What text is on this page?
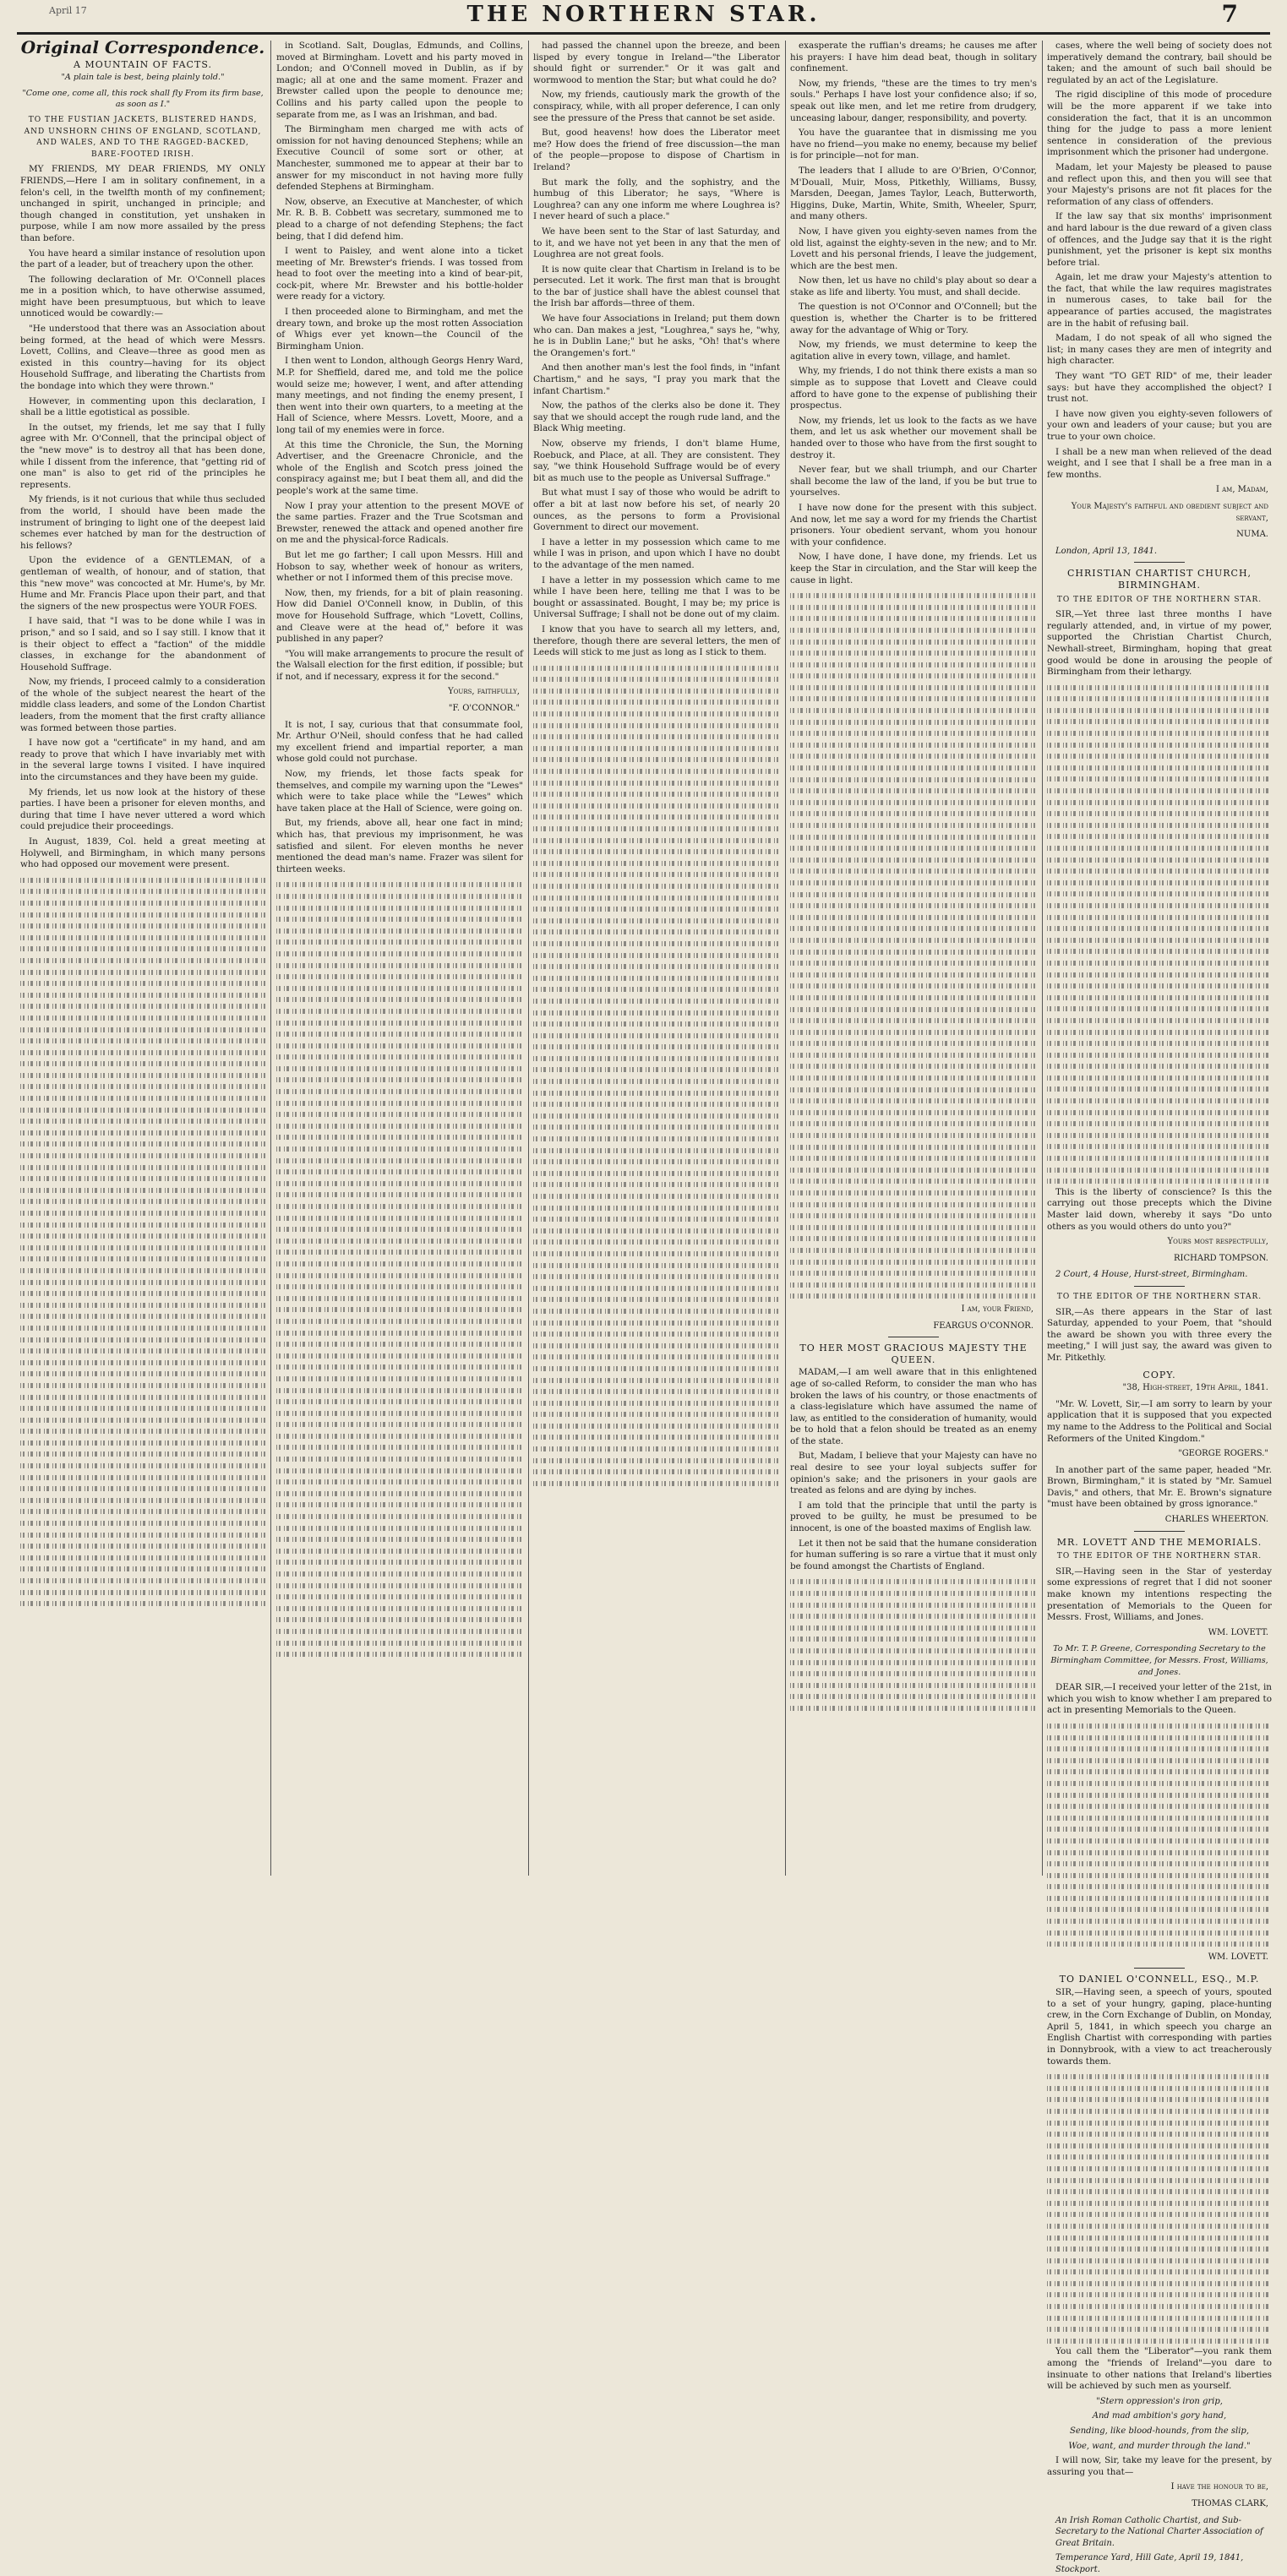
April 17	THE NORTHERN STAR.	7
Original Correspondence.
A MOUNTAIN OF FACTS.
"A plain tale is best, being plainly told."
"Come one, come all, this rock shall fly From its firm base, as soon as I."
TO THE FUSTIAN JACKETS, BLISTERED HANDS, AND UNSHORN CHINS OF ENGLAND, SCOTLAND, AND WALES, AND TO THE RAGGED-BACKED, BARE-FOOTED IRISH.

MY FRIENDS, MY DEAR FRIENDS, MY ONLY FRIENDS,—Here I am in solitary confinement, in a felon's cell, in the twelfth month of my confinement; unchanged in spirit, unchanged in principle; and though changed in constitution, yet unshaken in purpose, while I am now more assailed by the press than before.

You have heard a similar instance of resolution upon the part of a leader, but of treachery upon the other.

The following declaration of Mr. O'Connell places me in a position which, to have otherwise assumed, might have been presumptuous, but which to leave unnoticed would be cowardly:—

"He understood that there was an Association about being formed, at the head of which were Messrs. Lovett, Collins, and Cleave—three as good men as existed in this country—having for its object Household Suffrage, and liberating the Chartists from the bondage into which they were thrown."

However, in commenting upon this declaration, I shall be a little egotistical as possible.

In the outset, my friends, let me say that I fully agree with Mr. O'Connell, that the principal object of the "new move" is to destroy all that has been done, while I dissent from the inference, that "getting rid of one man" is also to get rid of the principles he represents.

My friends, is it not curious that while thus secluded from the world, I should have been made the instrument of bringing to light one of the deepest laid schemes ever hatched by man for the destruction of his fellows?

Upon the evidence of a GENTLEMAN, of a gentleman of wealth, of honour, and of station, that this "new move" was concocted at Mr. Hume's, by Mr. Hume and Mr. Francis Place upon their part, and that the signers of the new prospectus were YOUR FOES.

I have said, that "I was to be done while I was in prison," and so I said, and so I say still. I know that it is their object to effect a "faction" of the middle classes, in exchange for the abandonment of Household Suffrage.

Now, my friends, I proceed calmly to a consideration of the whole of the subject nearest the heart of the middle class leaders, and some of the London Chartist leaders, from the moment that the first crafty alliance was formed between those parties.

I have now got a "certificate" in my hand, and am ready to prove that which I have invariably met with in the several large towns I visited. I have inquired into the circumstances and they have been my guide.

My friends, let us now look at the history of these parties. I have been a prisoner for eleven months, and during that time I have never uttered a word which could prejudice their proceedings.

In August, 1839, Col. held a great meeting at Holywell, and Birmingham, in which many persons who had opposed our movement were present.

in Scotland. Salt, Douglas, Edmunds, and Collins, moved at Birmingham. Lovett and his party moved in London; and O'Connell moved in Dublin, as if by magic; all at one and the same moment. Frazer and Brewster called upon the people to denounce me; Collins and his party called upon the people to separate from me, as I was an Irishman, and bad.

The Birmingham men charged me with acts of omission for not having denounced Stephens; while an Executive Council of some sort or other, at Manchester, summoned me to appear at their bar to answer for my misconduct in not having more fully defended Stephens at Birmingham.

Now, observe, an Executive at Manchester, of which Mr. R. B. B. Cobbett was secretary, summoned me to plead to a charge of not defending Stephens; the fact being, that I did defend him.

I went to Paisley, and went alone into a ticket meeting of Mr. Brewster's friends. I was tossed from head to foot over the meeting into a kind of bear-pit, cock-pit, where Mr. Brewster and his bottle-holder were ready for a victory.

I then proceeded alone to Birmingham, and met the dreary town, and broke up the most rotten Association of Whigs ever yet known—the Council of the Birmingham Union.

I then went to London, although Georgs Henry Ward, M.P. for Sheffield, dared me, and told me the police would seize me; however, I went, and after attending many meetings, and not finding the enemy present, I then went into their own quarters, to a meeting at the Hall of Science, where Messrs. Lovett, Moore, and a long tail of my enemies were in force.

At this time the Chronicle, the Sun, the Morning Advertiser, and the Greenacre Chronicle, and the whole of the English and Scotch press joined the conspiracy against me; but I beat them all, and did the people's work at the same time.

Now I pray your attention to the present MOVE of the same parties. Frazer and the True Scotsman and Brewster, renewed the attack and opened another fire on me and the physical-force Radicals.

But let me go farther; I call upon Messrs. Hill and Hobson to say, whether week of honour as writers, whether or not I informed them of this precise move.

Now, then, my friends, for a bit of plain reasoning. How did Daniel O'Connell know, in Dublin, of this move for Household Suffrage, which "Lovett, Collins, and Cleave were at the head of," before it was published in any paper?

"You will make arrangements to procure the result of the Walsall election for the first edition, if possible; but if not, and if necessary, express it for the second."

Yours, faithfully,
"F. O'CONNOR."

It is not, I say, curious that that consummate fool, Mr. Arthur O'Neil, should confess that he had called my excellent friend and impartial reporter, a man whose gold could not purchase.

Now, my friends, let those facts speak for themselves, and compile my warning upon the "Lewes" which were to take place while the "Lewes" which have taken place at the Hall of Science, were going on.

But, my friends, above all, hear one fact in mind; which has, that previous my imprisonment, he was satisfied and silent. For eleven months he never mentioned the dead man's name. Frazer was silent for thirteen weeks.

had passed the channel upon the breeze, and been lisped by every tongue in Ireland—"the Liberator should fight or surrender." Or it was galt and wormwood to mention the Star; but what could he do?

Now, my friends, cautiously mark the growth of the conspiracy, while, with all proper deference, I can only see the pressure of the Press that cannot be set aside.

But, good heavens! how does the Liberator meet me? How does the friend of free discussion—the man of the people—propose to dispose of Chartism in Ireland?

But mark the folly, and the sophistry, and the humbug of this Liberator; he says, "Where is Loughrea? can any one inform me where Loughrea is? I never heard of such a place."

We have been sent to the Star of last Saturday, and to it, and we have not yet been in any that the men of Loughrea are not great fools.

It is now quite clear that Chartism in Ireland is to be persecuted. Let it work. The first man that is brought to the bar of justice shall have the ablest counsel that the Irish bar affords—three of them.

We have four Associations in Ireland; put them down who can. Dan makes a jest, "Loughrea," says he, "why, he is in Dublin Lane;" but he asks, "Oh! that's where the Orangemen's fort."

And then another man's lest the fool finds, in "infant Chartism," and he says, "I pray you mark that the infant Chartism."

Now, the pathos of the clerks also be done it. They say that we should accept the rough rude land, and the Black Whig meeting.

Now, observe my friends, I don't blame Hume, Roebuck, and Place, at all. They are consistent. They say, "we think Household Suffrage would be of every bit as much use to the people as Universal Suffrage."

But what must I say of those who would be adrift to offer a bit at last now before his set, of nearly 20 ounces, as the persons to form a Provisional Government to direct our movement.

I have a letter in my possession which came to me while I was in prison, and upon which I have no doubt to the advantage of the men named.

I have a letter in my possession which came to me while I have been here, telling me that I was to be bought or assassinated. Bought, I may be; my price is Universal Suffrage; I shall not be done out of my claim.

I know that you have to search all my letters, and, therefore, though there are several letters, the men of Leeds will stick to me just as long as I stick to them.

exasperate the ruffian's dreams; he causes me after his prayers: I have him dead beat, though in solitary confinement.

Now, my friends, "these are the times to try men's souls." Perhaps I have lost your confidence also; if so, speak out like men, and let me retire from drudgery, unceasing labour, danger, responsibility, and poverty.

You have the guarantee that in dismissing me you have no friend—you make no enemy, because my belief is for principle—not for man.

The leaders that I allude to are O'Brien, O'Connor, M'Douall, Muir, Moss, Pitkethly, Williams, Bussy, Marsden, Deegan, James Taylor, Leach, Butterworth, Higgins, Duke, Martin, White, Smith, Wheeler, Spurr, and many others.

Now, I have given you eighty-seven names from the old list, against the eighty-seven in the new; and to Mr. Lovett and his personal friends, I leave the judgement, which are the best men.

Now then, let us have no child's play about so dear a stake as life and liberty. You must, and shall decide.

The question is not O'Connor and O'Connell; but the question is, whether the Charter is to be frittered away for the advantage of Whig or Tory.

Now, my friends, we must determine to keep the agitation alive in every town, village, and hamlet.

Why, my friends, I do not think there exists a man so simple as to suppose that Lovett and Cleave could afford to have gone to the expense of publishing their prospectus.

Now, my friends, let us look to the facts as we have them, and let us ask whether our movement shall be handed over to those who have from the first sought to destroy it.

Never fear, but we shall triumph, and our Charter shall become the law of the land, if you be but true to yourselves.

I have now done for the present with this subject. And now, let me say a word for my friends the Chartist prisoners. Your obedient servant, whom you honour with your confidence.

Now, I have done, I have done, my friends. Let us keep the Star in circulation, and the Star will keep the cause in light.

I am, your Friend,
FEARGUS O'CONNOR.
TO HER MOST GRACIOUS MAJESTY THE QUEEN.

MADAM,—I am well aware that in this enlightened age of so-called Reform, to consider the man who has broken the laws of his country, or those enactments of a class-legislature which have assumed the name of law, as entitled to the consideration of humanity, would be to hold that a felon should be treated as an enemy of the state.

But, Madam, I believe that your Majesty can have no real desire to see your loyal subjects suffer for opinion's sake; and the prisoners in your gaols are treated as felons and are dying by inches.

I am told that the principle that until the party is proved to be guilty, he must be presumed to be innocent, is one of the boasted maxims of English law.

Let it then not be said that the humane consideration for human suffering is so rare a virtue that it must only be found amongst the Chartists of England.

cases, where the well being of society does not imperatively demand the contrary, bail should be taken; and the amount of such bail should be regulated by an act of the Legislature.

The rigid discipline of this mode of procedure will be the more apparent if we take into consideration the fact, that it is an uncommon thing for the judge to pass a more lenient sentence in consideration of the previous imprisonment which the prisoner had undergone.

Madam, let your Majesty be pleased to pause and reflect upon this, and then you will see that your Majesty's prisons are not fit places for the reformation of any class of offenders.

If the law say that six months' imprisonment and hard labour is the due reward of a given class of offences, and the Judge say that it is the right punishment, yet the prisoner is kept six months before trial.

Again, let me draw your Majesty's attention to the fact, that while the law requires magistrates in numerous cases, to take bail for the appearance of parties accused, the magistrates are in the habit of refusing bail.

Madam, I do not speak of all who signed the list; in many cases they are men of integrity and high character.

They want "TO GET RID" of me, their leader says: but have they accomplished the object? I trust not.

I have now given you eighty-seven followers of your own and leaders of your cause; but you are true to your own choice.

I shall be a new man when relieved of the dead weight, and I see that I shall be a free man in a few months.

I am, Madam,
Your Majesty's faithful and obedient subject and servant,
NUMA.
London, April 13, 1841.
CHRISTIAN CHARTIST CHURCH, BIRMINGHAM.
TO THE EDITOR OF THE NORTHERN STAR.

SIR,—Yet three last three months I have regularly attended, and, in virtue of my power, supported the Christian Chartist Church, Newhall-street, Birmingham, hoping that great good would be done in arousing the people of Birmingham from their lethargy.

This is the liberty of conscience? Is this the carrying out those precepts which the Divine Master laid down, whereby it says "Do unto others as you would others do unto you?"

Yours most respectfully,
RICHARD TOMPSON.
2 Court, 4 House, Hurst-street, Birmingham.
TO THE EDITOR OF THE NORTHERN STAR.

SIR,—As there appears in the Star of last Saturday, appended to your Poem, that "should the award be shown you with three every the meeting," I will just say, the award was given to Mr. Pitkethly.

COPY.
"38, High-street, 19th April, 1841.

"Mr. W. Lovett, Sir,—I am sorry to learn by your application that it is supposed that you expected my name to the Address to the Political and Social Reformers of the United Kingdom."

"GEORGE ROGERS."

In another part of the same paper, headed "Mr. Brown, Birmingham," it is stated by "Mr. Samuel Davis," and others, that Mr. E. Brown's signature "must have been obtained by gross ignorance."

CHARLES WHEERTON.
MR. LOVETT AND THE MEMORIALS.
TO THE EDITOR OF THE NORTHERN STAR.

SIR,—Having seen in the Star of yesterday some expressions of regret that I did not sooner make known my intentions respecting the presentation of Memorials to the Queen for Messrs. Frost, Williams, and Jones.

WM. LOVETT.
To Mr. T. P. Greene, Corresponding Secretary to the Birmingham Committee, for Messrs. Frost, Williams, and Jones.

DEAR SIR,—I received your letter of the 21st, in which you wish to know whether I am prepared to act in presenting Memorials to the Queen.

WM. LOVETT.
TO DANIEL O'CONNELL, ESQ., M.P.

SIR,—Having seen, a speech of yours, spouted to a set of your hungry, gaping, place-hunting crew, in the Corn Exchange of Dublin, on Monday, April 5, 1841, in which speech you charge an English Chartist with corresponding with parties in Donnybrook, with a view to act treacherously towards them.

You call them the "Liberator"—you rank them among the "friends of Ireland"—you dare to insinuate to other nations that Ireland's liberties will be achieved by such men as yourself.

"Stern oppression's iron grip,
And mad ambition's gory hand,
Sending, like blood-hounds, from the slip,
Woe, want, and murder through the land."

I will now, Sir, take my leave for the present, by assuring you that—

I have the honour to be,
THOMAS CLARK,
An Irish Roman Catholic Chartist, and Sub-Secretary to the National Charter Association of Great Britain.
Temperance Yard, Hill Gate, April 19, 1841, Stockport.
